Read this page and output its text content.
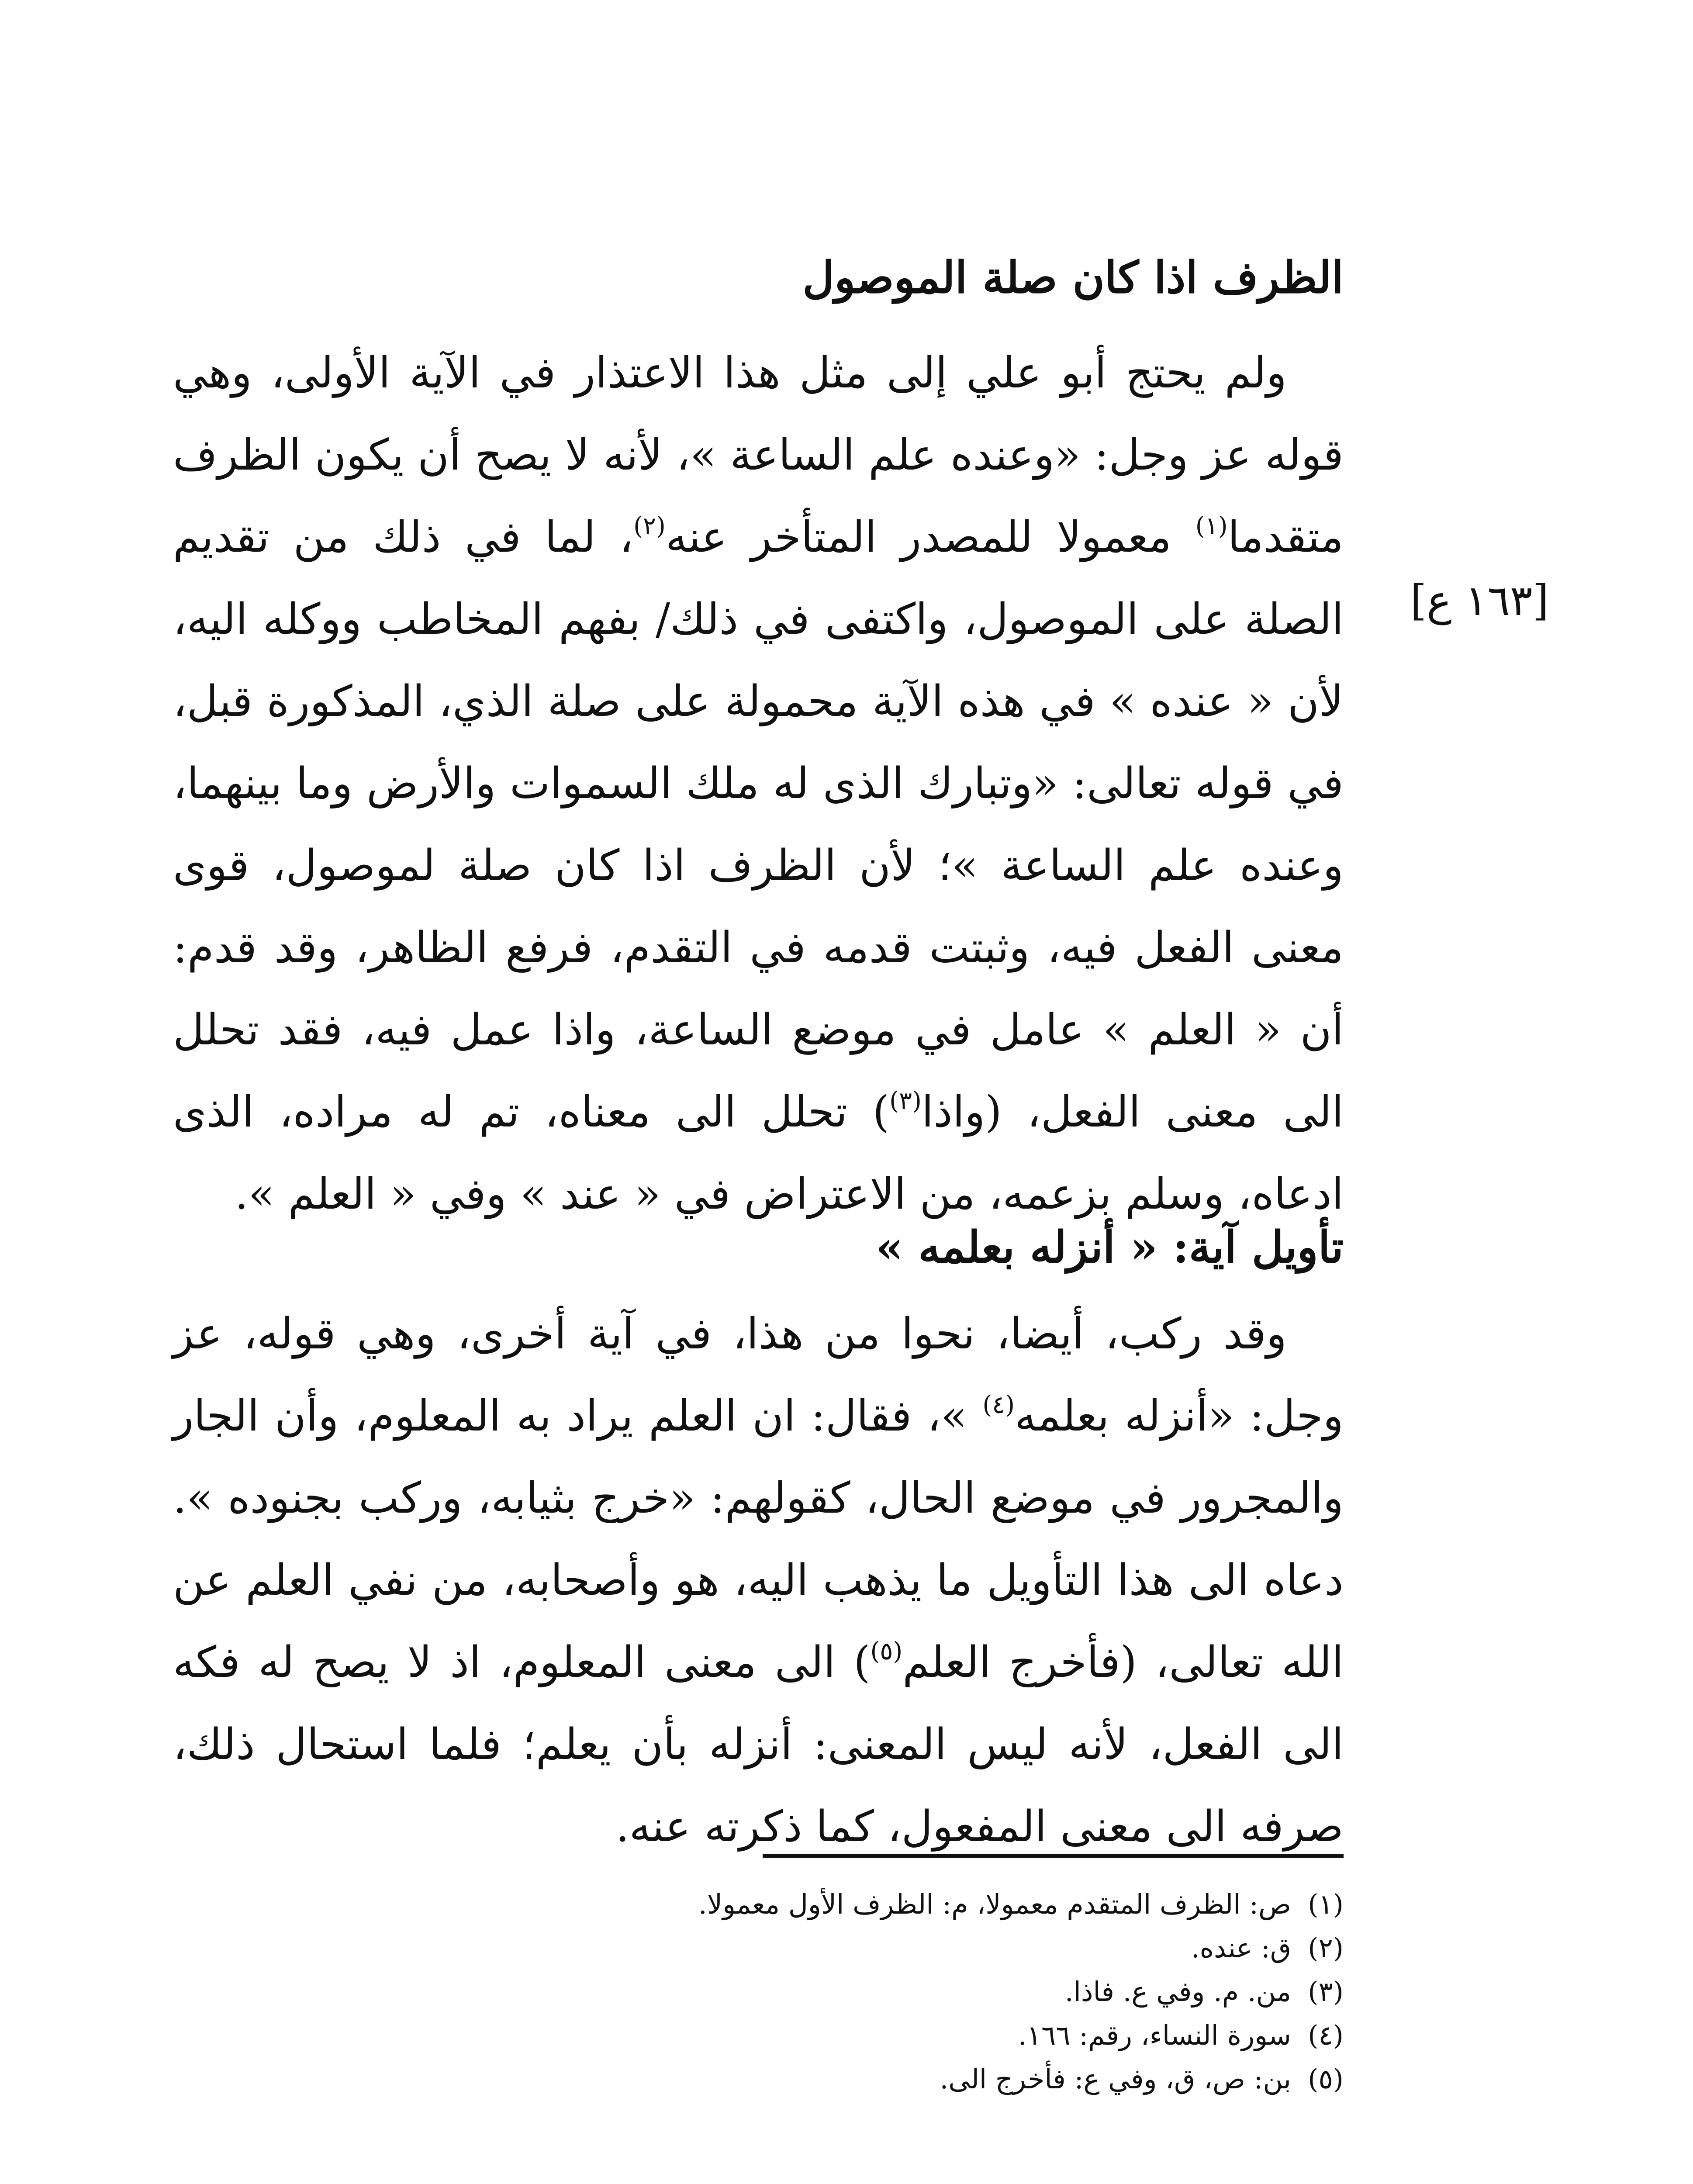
الظرف اذا كان صلة الموصول

ولم يحتج أبو علي إلى مثل هذا الاعتذار في الآية الأولى، وهي قوله عز وجل: «وعنده علم الساعة »، لأنه لا يصح أن يكون الظرف متقدما$^{(١)}$ معمولا للمصدر المتأخر عنه$^{(٢)}$، لما في ذلك من تقديم الصلة على الموصول، واكتفى في ذلك/ بفهم المخاطب ووكله اليه، لأن « عنده » في هذه الآية محمولة على صلة الذي، المذكورة قبل، في قوله تعالى: «وتبارك الذى له ملك السموات والأرض وما بينهما، وعنده علم الساعة »؛ لأن الظرف اذا كان صلة لموصول، قوى معنى الفعل فيه، وثبتت قدمه في التقدم، فرفع الظاهر، وقد قدم: أن « العلم » عامل في موضع الساعة، واذا عمل فيه، فقد تحلل الى معنى الفعل، (واذا$^{(٣)}$) تحلل الى معناه، تم له مراده، الذى ادعاه، وسلم بزعمه، من الاعتراض في « عند » وفي « العلم ».

[١٦٣ ع]
تأويل آية: « أنزله بعلمه »

وقد ركب، أيضا، نحوا من هذا، في آية أخرى، وهي قوله، عز وجل: «أنزله بعلمه$^{(٤)}$ »، فقال: ان العلم يراد به المعلوم، وأن الجار والمجرور في موضع الحال، كقولهم: «خرج بثيابه، وركب بجنوده ». دعاه الى هذا التأويل ما يذهب اليه، هو وأصحابه، من نفي العلم عن الله تعالى، (فأخرج العلم$^{(٥)}$) الى معنى المعلوم، اذ لا يصح له فكه الى الفعل، لأنه ليس المعنى: أنزله بأن يعلم؛ فلما استحال ذلك، صرفه الى معنى المفعول، كما ذكرته عنه.

(١)ص: الظرف المتقدم معمولا، م: الظرف الأول معمولا.
(٢)ق: عنده.
(٣)من. م. وفي ع. فاذا.
(٤)سورة النساء، رقم: ١٦٦.
(٥)بن: ص، ق، وفي ع: فأخرج الى.
